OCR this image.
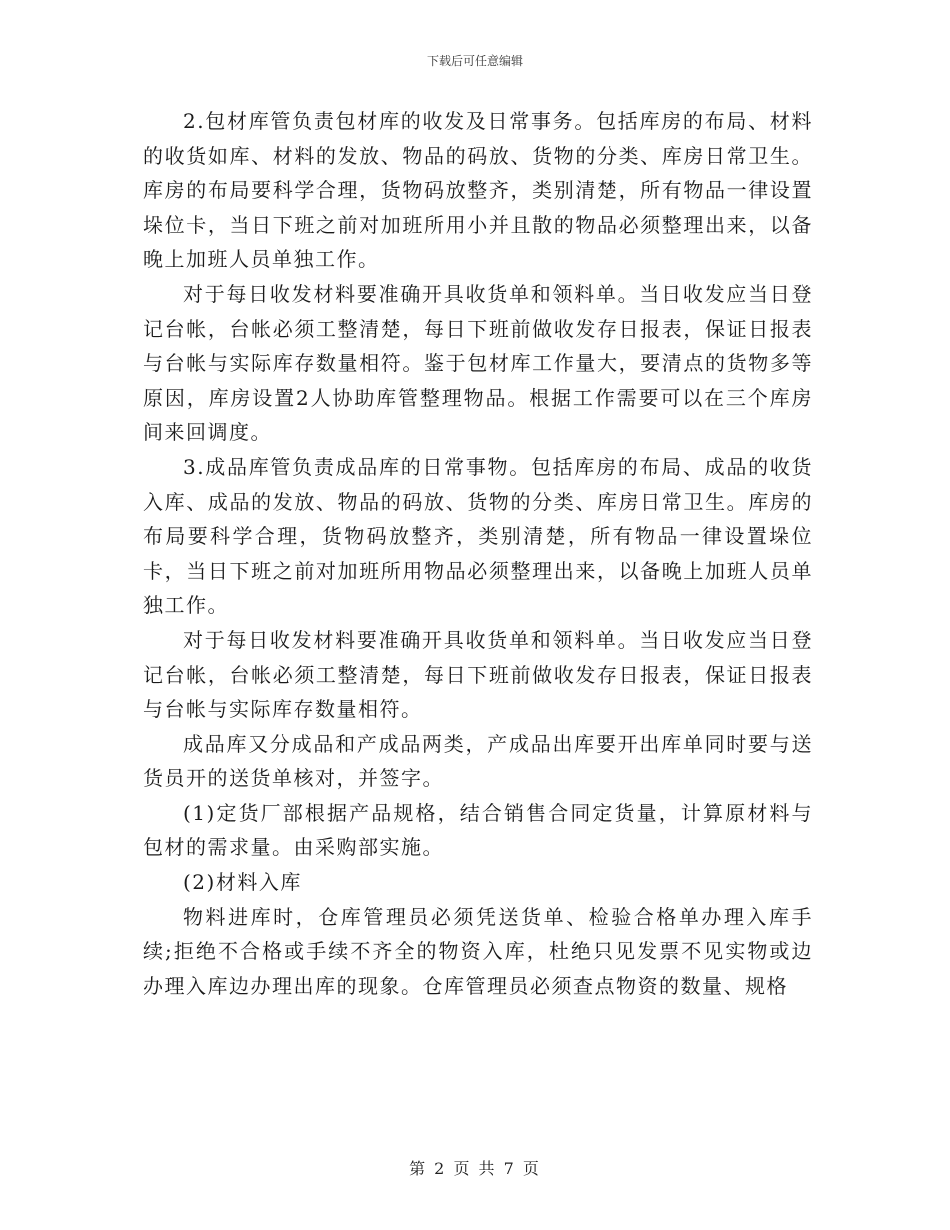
下载后可任意编辑

2.包材库管负责包材库的收发及日常事务。包括库房的布局、材料的收货如库、材料的发放、物品的码放、货物的分类、库房日常卫生。库房的布局要科学合理，货物码放整齐，类别清楚，所有物品一律设置垛位卡，当日下班之前对加班所用小并且散的物品必须整理出来，以备晚上加班人员单独工作。

对于每日收发材料要准确开具收货单和领料单。当日收发应当日登记台帐，台帐必须工整清楚，每日下班前做收发存日报表，保证日报表与台帐与实际库存数量相符。鉴于包材库工作量大，要清点的货物多等原因，库房设置2人协助库管整理物品。根据工作需要可以在三个库房间来回调度。

3.成品库管负责成品库的日常事物。包括库房的布局、成品的收货入库、成品的发放、物品的码放、货物的分类、库房日常卫生。库房的布局要科学合理，货物码放整齐，类别清楚，所有物品一律设置垛位卡，当日下班之前对加班所用物品必须整理出来，以备晚上加班人员单独工作。

对于每日收发材料要准确开具收货单和领料单。当日收发应当日登记台帐，台帐必须工整清楚，每日下班前做收发存日报表，保证日报表与台帐与实际库存数量相符。

成品库又分成品和产成品两类，产成品出库要开出库单同时要与送货员开的送货单核对，并签字。

(1)定货厂部根据产品规格，结合销售合同定货量，计算原材料与包材的需求量。由采购部实施。

(2)材料入库

物料进库时，仓库管理员必须凭送货单、检验合格单办理入库手续;拒绝不合格或手续不齐全的物资入库，杜绝只见发票不见实物或边办理入库边办理出库的现象。仓库管理员必须查点物资的数量、规格

第 2 页 共 7 页
